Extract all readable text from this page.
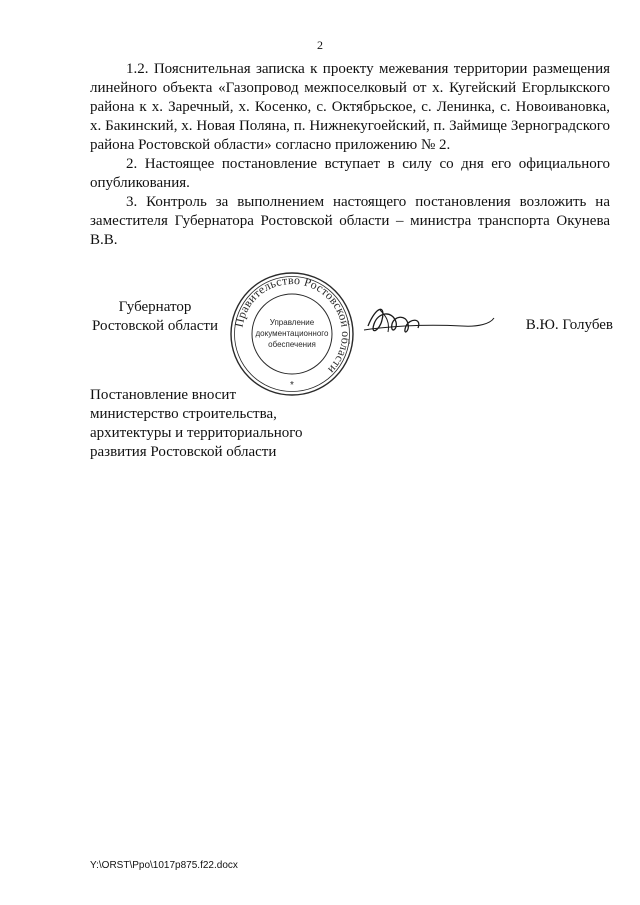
2

1.2. Пояснительная записка к проекту межевания территории размещения линейного объекта «Газопровод межпоселковый от х. Кугейский Егорлыкского района к х. Заречный, х. Косенко, с. Октябрьское, с. Ленинка, с. Новоивановка, х. Бакинский, х. Новая Поляна, п. Нижнекугоейский, п. Займище Зерноградского района Ростовской области» согласно приложению № 2.

2. Настоящее постановление вступает в силу со дня его официального опубликования.

3. Контроль за выполнением настоящего постановления возложить на заместителя Губернатора Ростовской области – министра транспорта Окунева В.В.

Губернатор
Ростовской области Правительство Ростовской области
Управление
документационного
обеспечения
*
В.Ю. Голубев
Постановление вносит
министерство строительства,
архитектуры и территориального
развития Ростовской области
Y:\ORST\Ppo\1017p875.f22.docx
